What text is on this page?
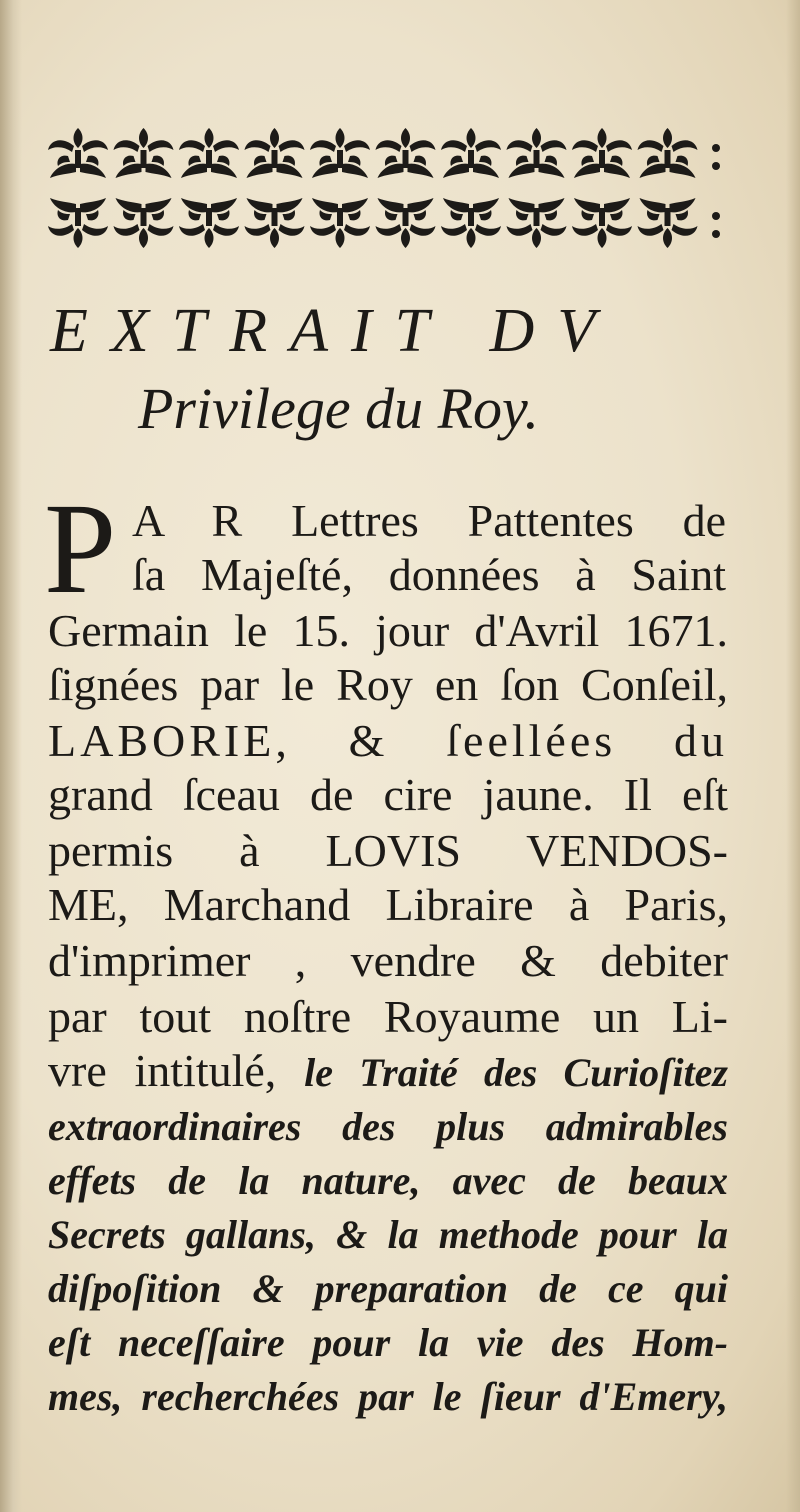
EXTRAIT DV
Privilege du Roy.
P A R Lettres Pattentes de
ſa Majeſté, données à Saint
Germain le 15. jour d'Avril 1671.
ſignées par le Roy en ſon Conſeil,
LABORIE, & ſeellées du
grand ſceau de cire jaune. Il eſt
permis à LOVIS VENDOS-
ME, Marchand Libraire à Paris,
d'imprimer , vendre & debiter
par tout noſtre Royaume un Li-
vre intitulé, le Traité des Curioſitez
extraordinaires des plus admirables
effets de la nature, avec de beaux
Secrets gallans, & la methode pour la
diſpoſition & preparation de ce qui
eſt neceſſaire pour la vie des Hom-
mes, recherchées par le ſieur d'Emery,
